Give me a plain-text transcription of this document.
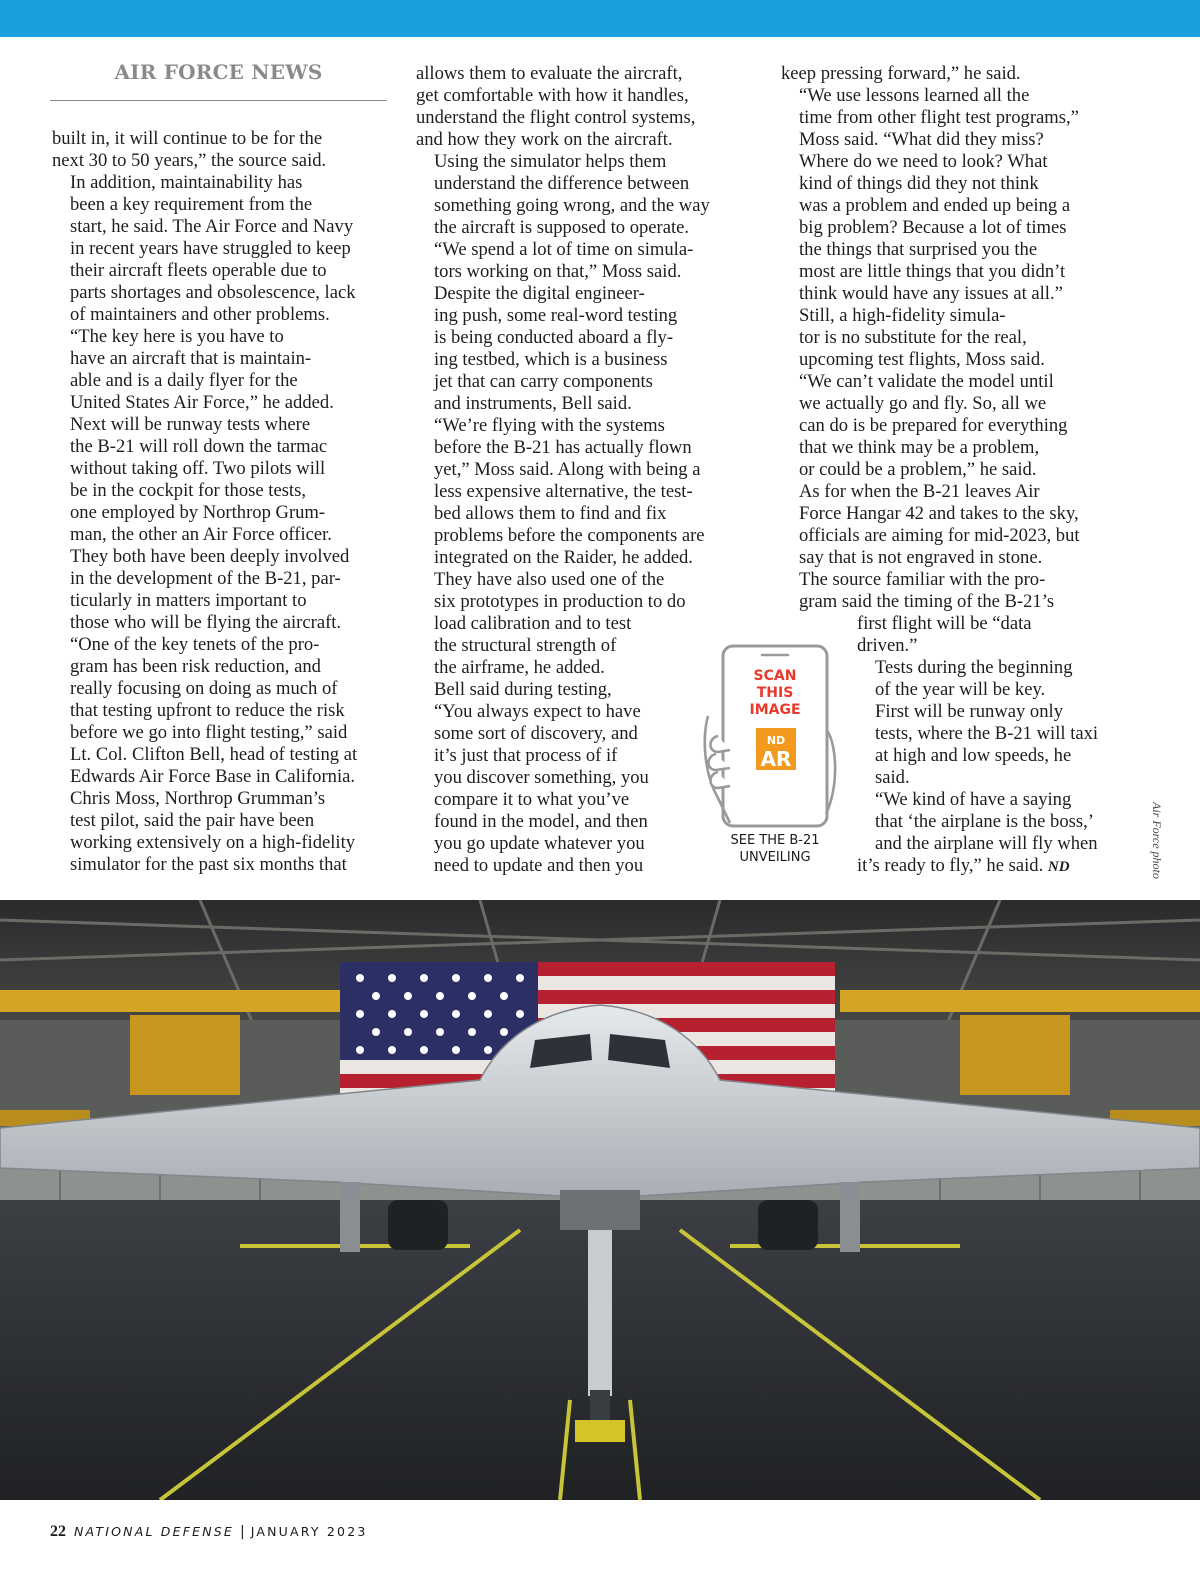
AIR FORCE NEWS

built in, it will continue to be for the
next 30 to 50 years,” the source said.

In addition, maintainability has
been a key requirement from the
start, he said. The Air Force and Navy
in recent years have struggled to keep
their aircraft fleets operable due to
parts shortages and obsolescence, lack
of maintainers and other problems.

“The key here is you have to
have an aircraft that is maintain-
able and is a daily flyer for the
United States Air Force,” he added.

Next will be runway tests where
the B-21 will roll down the tarmac
without taking off. Two pilots will
be in the cockpit for those tests,
one employed by Northrop Grum-
man, the other an Air Force officer.

They both have been deeply involved
in the development of the B-21, par-
ticularly in matters important to
those who will be flying the aircraft.

“One of the key tenets of the pro-
gram has been risk reduction, and
really focusing on doing as much of
that testing upfront to reduce the risk
before we go into flight testing,” said
Lt. Col. Clifton Bell, head of testing at
Edwards Air Force Base in California.

Chris Moss, Northrop Grumman’s
test pilot, said the pair have been
working extensively on a high-fidelity
simulator for the past six months that

allows them to evaluate the aircraft,
get comfortable with how it handles,
understand the flight control systems,
and how they work on the aircraft.

Using the simulator helps them
understand the difference between
something going wrong, and the way
the aircraft is supposed to operate.

“We spend a lot of time on simula-
tors working on that,” Moss said.

Despite the digital engineer-
ing push, some real-word testing
is being conducted aboard a fly-
ing testbed, which is a business
jet that can carry components
and instruments, Bell said.

“We’re flying with the systems
before the B-21 has actually flown
yet,” Moss said. Along with being a
less expensive alternative, the test-
bed allows them to find and fix
problems before the components are
integrated on the Raider, he added.

They have also used one of the
six prototypes in production to do
load calibration and to test
the structural strength of
the airframe, he added.

Bell said during testing,
“You always expect to have
some sort of discovery, and
it’s just that process of if
you discover something, you
compare it to what you’ve
found in the model, and then
you go update whatever you
need to update and then you

keep pressing forward,” he said.

“We use lessons learned all the
time from other flight test programs,”
Moss said. “What did they miss?
Where do we need to look? What
kind of things did they not think
was a problem and ended up being a
big problem? Because a lot of times
the things that surprised you the
most are little things that you didn’t
think would have any issues at all.”

Still, a high-fidelity simula-
tor is no substitute for the real,
upcoming test flights, Moss said.

“We can’t validate the model until
we actually go and fly. So, all we
can do is be prepared for everything
that we think may be a problem,
or could be a problem,” he said.

As for when the B-21 leaves Air
Force Hangar 42 and takes to the sky,
officials are aiming for mid-2023, but
say that is not engraved in stone.

The source familiar with the pro-
gram said the timing of the B-21’s

first flight will be “data
driven.”

Tests during the beginning
of the year will be key.

First will be runway only
tests, where the B-21 will taxi
at high and low speeds, he
said.

“We kind of have a saying
that ‘the airplane is the boss,’
and the airplane will fly when
it’s ready to fly,” he said. ND

SCAN
THIS
IMAGE
ND
AR
SEE THE B-21
UNVEILING	Air Force photo
22 NATIONAL DEFENSE | JANUARY 2023
